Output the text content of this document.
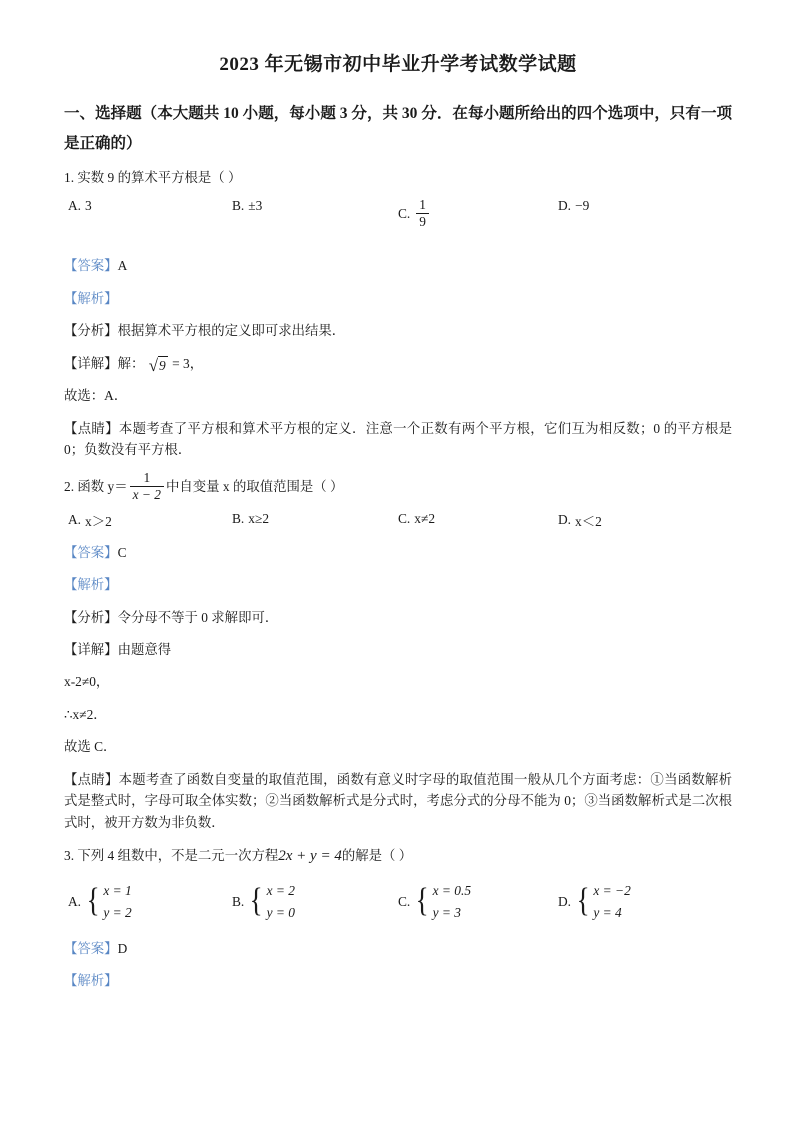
2023 年无锡市初中毕业升学考试数学试题

一、选择题（本大题共 10 小题，每小题 3 分，共 30 分．在每小题所给出的四个选项中，只有一项是正确的）

1. 实数 9 的算术平方根是（ ）

A. 3	B. ±3
C. $\frac{1}{9}$	D. −9

【答案】A

【解析】

【分析】根据算术平方根的定义即可求出结果．

【详解】解： √ 9 = 3，

故选：A．

【点睛】本题考查了平方根和算术平方根的定义．注意一个正数有两个平方根，它们互为相反数；0 的平方根是 0；负数没有平方根．

2.
函数 $y= \frac{1}{x - 2}$ 中自变量 x 的取值范围是（ ）
A. x＞2	B. x≥2	C. x≠2	D. x＜2

【答案】C

【解析】

【分析】令分母不等于 0 求解即可．

【详解】由题意得

x-2≠0，

∴x≠2．

故选 C．

【点睛】本题考查了函数自变量的取值范围，函数有意义时字母的取值范围一般从几个方面考虑：①当函数解析式是整式时，字母可取全体实数；②当函数解析式是分式时，考虑分式的分母不能为 0；③当函数解析式是二次根式时，被开方数为非负数．

3. 下列 4 组数中，不是二元一次方程2x + y = 4的解是（ ）

A. { x = 1
y = 2
B. { x = 2
y = 0
C. { x = 0.5
y = 3
D. { x = −2
y = 4

【答案】D

【解析】
